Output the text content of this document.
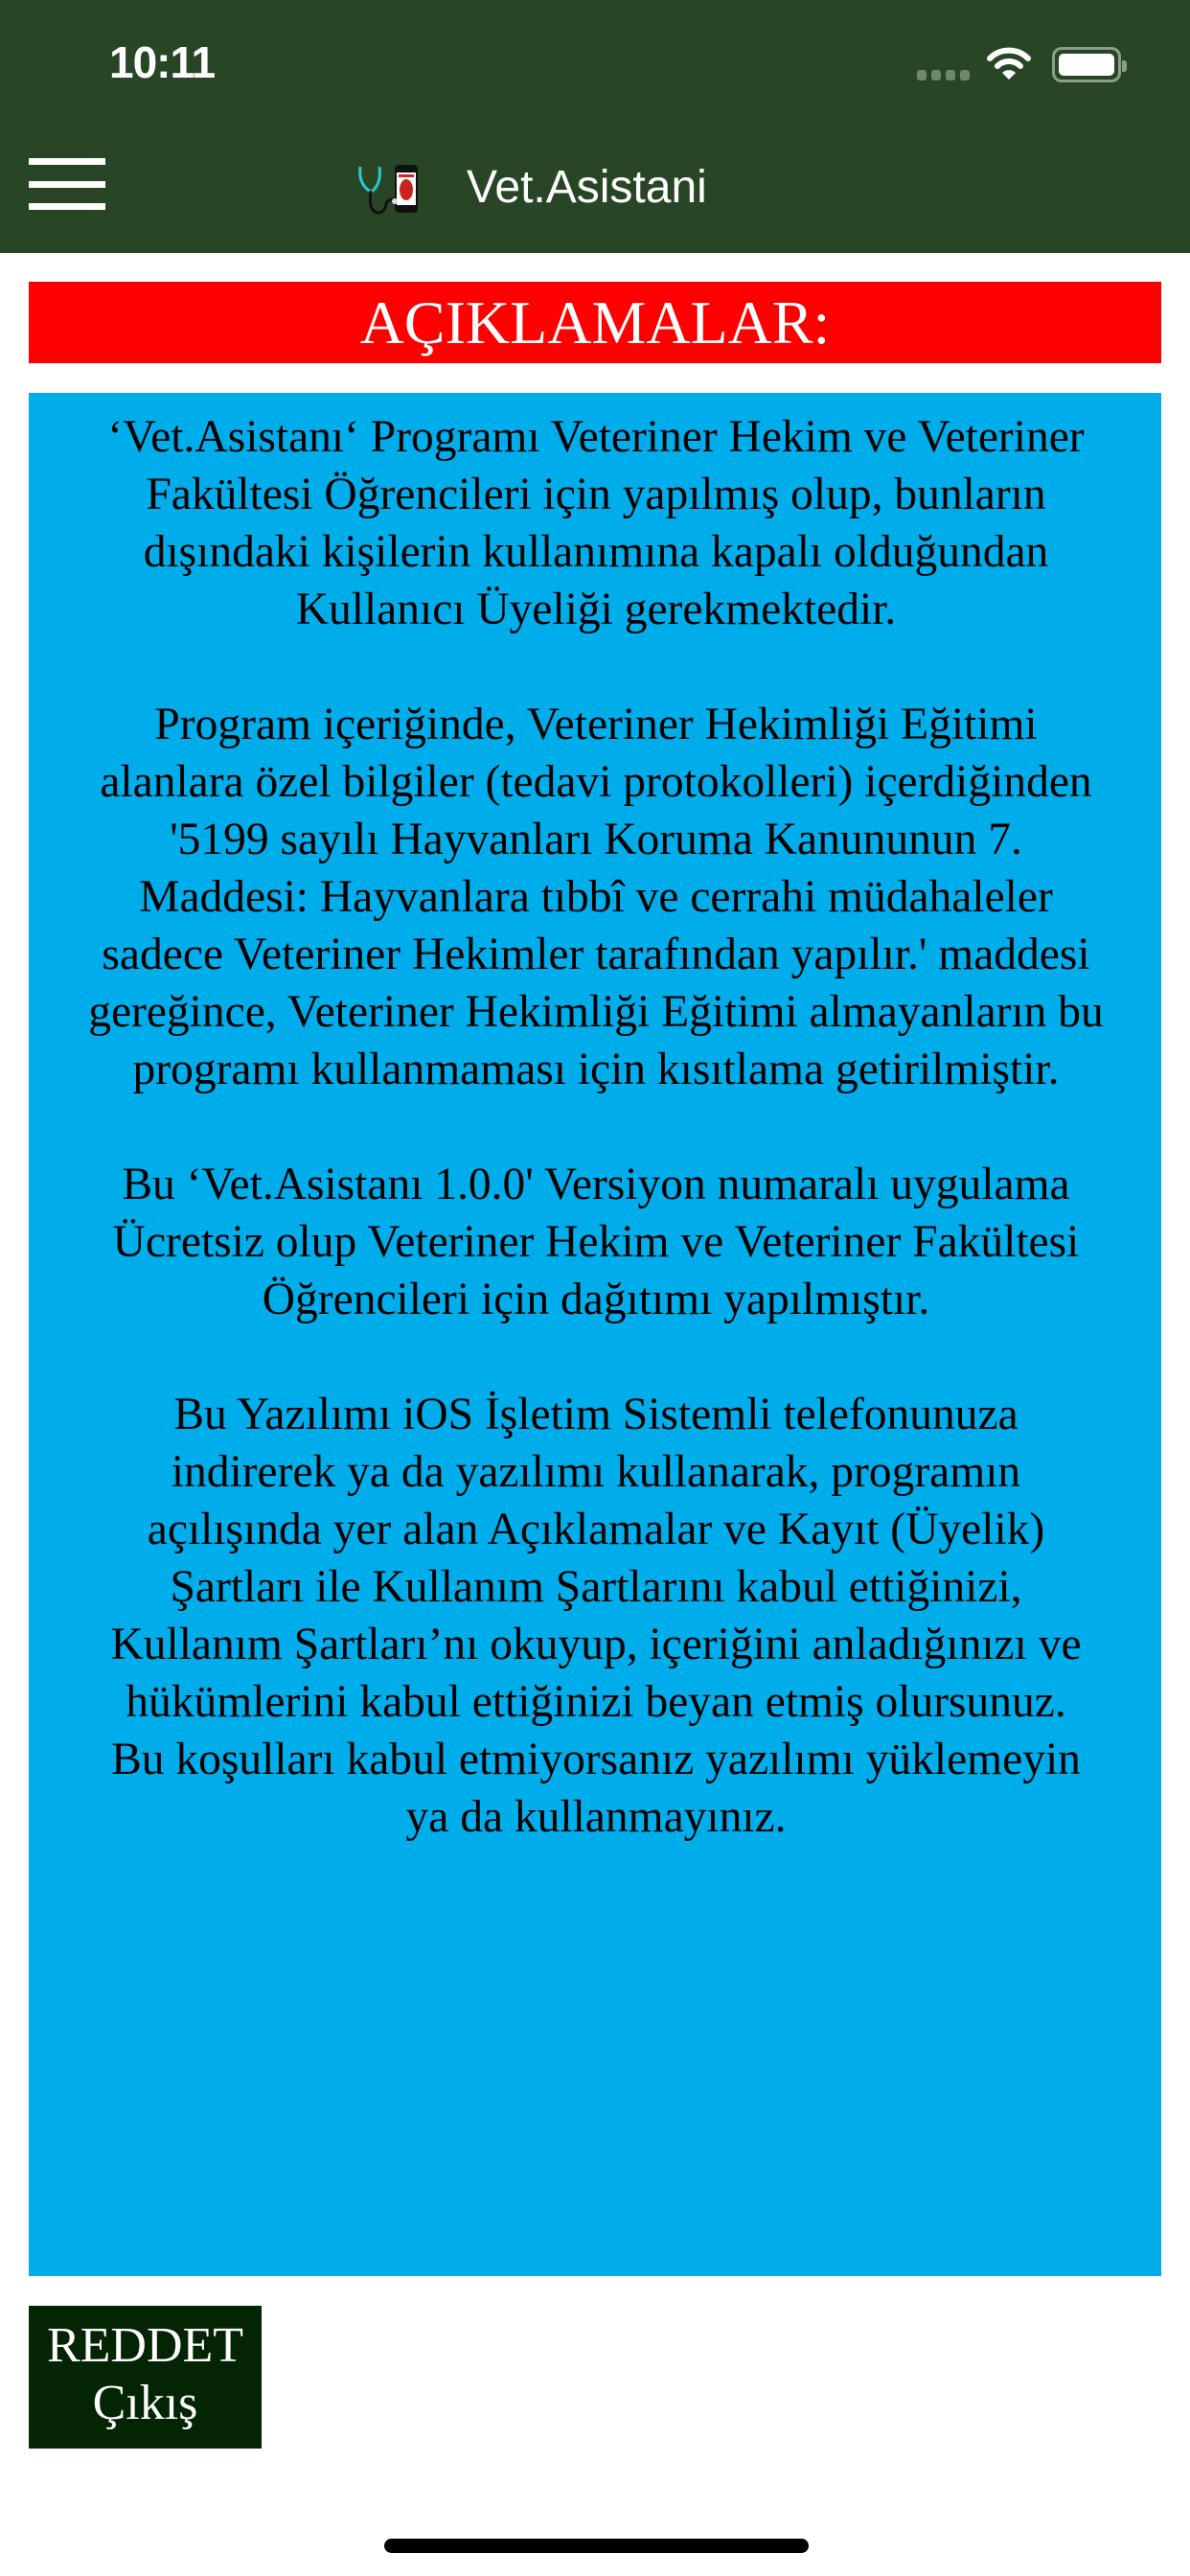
10:11
Vet.Asistani
AÇIKLAMALAR:

‘Vet.Asistanı‘ Programı Veteriner Hekim ve Veteriner
Fakültesi Öğrencileri için yapılmış olup, bunların
dışındaki kişilerin kullanımına kapalı olduğundan
Kullanıcı Üyeliği gerekmektedir.

Program içeriğinde, Veteriner Hekimliği Eğitimi
alanlara özel bilgiler (tedavi protokolleri) içerdiğinden
'5199 sayılı Hayvanları Koruma Kanununun 7.
Maddesi: Hayvanlara tıbbî ve cerrahi müdahaleler
sadece Veteriner Hekimler tarafından yapılır.' maddesi
gereğince, Veteriner Hekimliği Eğitimi almayanların bu
programı kullanmaması için kısıtlama getirilmiştir.

Bu ‘Vet.Asistanı 1.0.0' Versiyon numaralı uygulama
Ücretsiz olup Veteriner Hekim ve Veteriner Fakültesi
Öğrencileri için dağıtımı yapılmıştır.

Bu Yazılımı iOS İşletim Sistemli telefonunuza
indirerek ya da yazılımı kullanarak, programın
açılışında yer alan Açıklamalar ve Kayıt (Üyelik)
Şartları ile Kullanım Şartlarını kabul ettiğinizi,
Kullanım Şartları’nı okuyup, içeriğini anladığınızı ve
hükümlerini kabul ettiğinizi beyan etmiş olursunuz.
Bu koşulları kabul etmiyorsanız yazılımı yüklemeyin
ya da kullanmayınız.

REDDET
Çıkış
